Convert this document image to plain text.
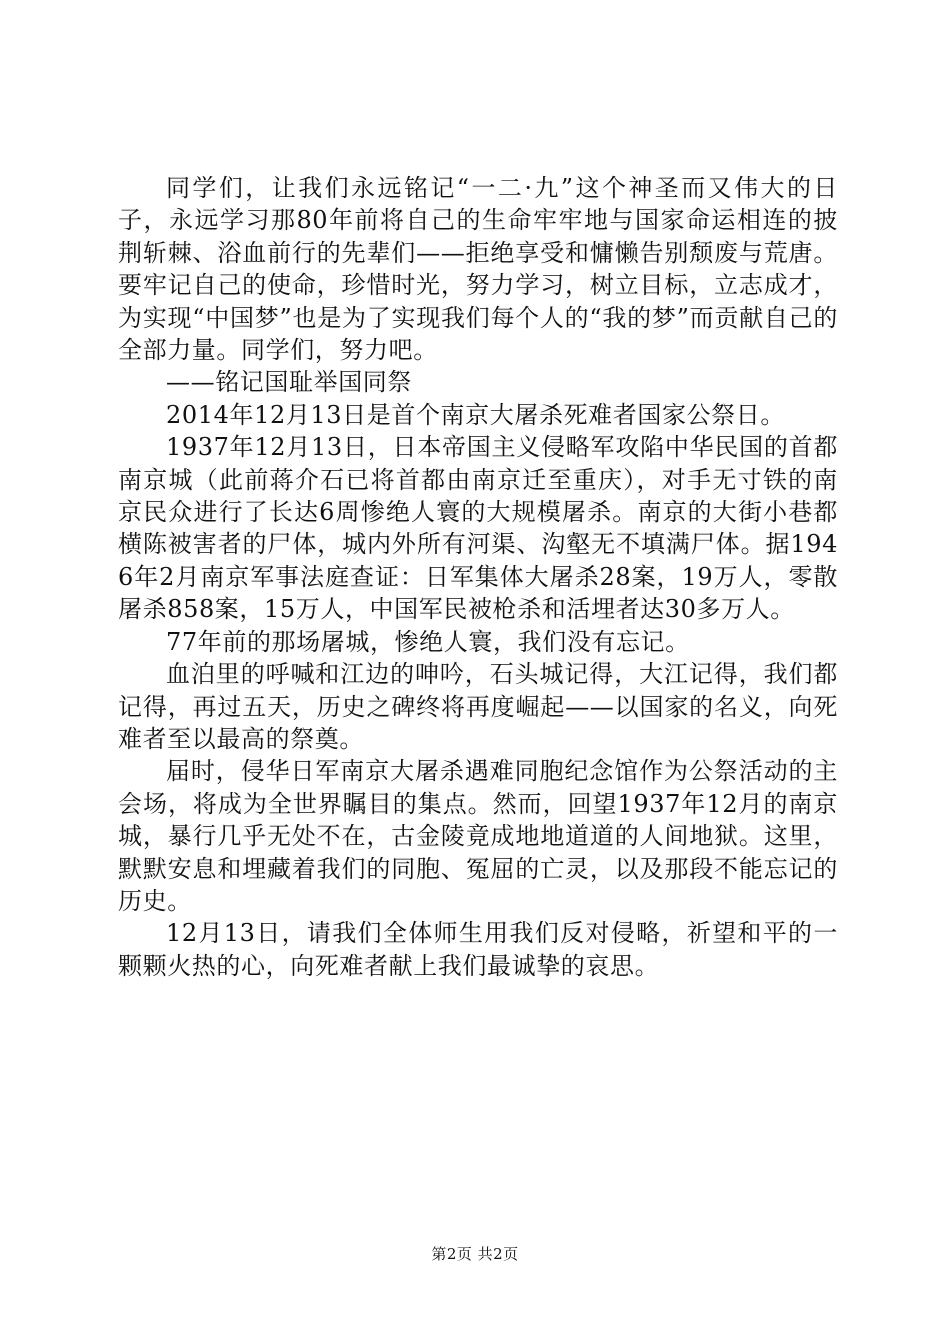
同学们，让我们永远铭记“一二·九”这个神圣而又伟大的日子，永远学习那80年前将自己的生命牢牢地与国家命运相连的披荆斩棘、浴血前行的先辈们——拒绝享受和慵懒告别颓废与荒唐。要牢记自己的使命，珍惜时光，努力学习，树立目标，立志成才，为实现“中国梦”也是为了实现我们每个人的“我的梦”而贡献自己的全部力量。同学们，努力吧。

——铭记国耻举国同祭

2014年12月13日是首个南京大屠杀死难者国家公祭日。

1937年12月13日，日本帝国主义侵略军攻陷中华民国的首都南京城（此前蒋介石已将首都由南京迁至重庆），对手无寸铁的南京民众进行了长达6周惨绝人寰的大规模屠杀。南京的大街小巷都横陈被害者的尸体，城内外所有河渠、沟壑无不填满尸体。据1946年2月南京军事法庭查证：日军集体大屠杀28案，19万人，零散屠杀858案，15万人，中国军民被枪杀和活埋者达30多万人。

77年前的那场屠城，惨绝人寰，我们没有忘记。

血泊里的呼喊和江边的呻吟，石头城记得，大江记得，我们都记得，再过五天，历史之碑终将再度崛起——以国家的名义，向死难者至以最高的祭奠。

届时，侵华日军南京大屠杀遇难同胞纪念馆作为公祭活动的主会场，将成为全世界瞩目的集点。然而，回望1937年12月的南京城，暴行几乎无处不在，古金陵竟成地地道道的人间地狱。这里，默默安息和埋藏着我们的同胞、冤屈的亡灵，以及那段不能忘记的历史。

12月13日，请我们全体师生用我们反对侵略，祈望和平的一颗颗火热的心，向死难者献上我们最诚挚的哀思。

第2页 共2页
